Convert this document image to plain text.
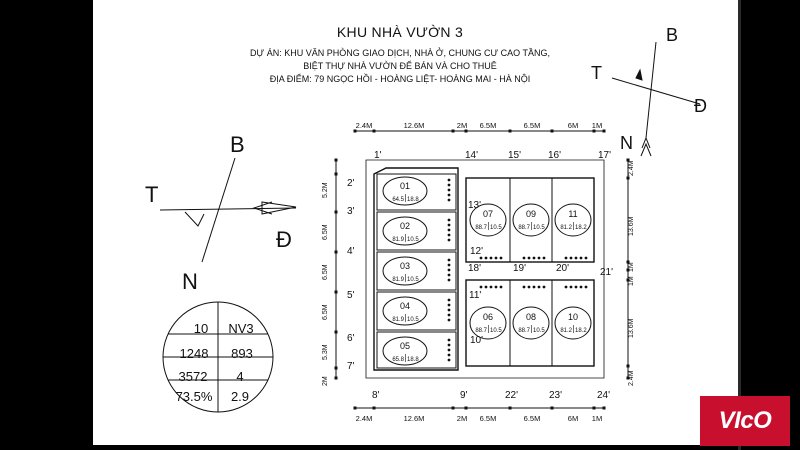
KHU NHÀ VƯỜN 3
DỰ ÁN: KHU VĂN PHÒNG GIAO DỊCH, NHÀ Ở, CHUNG CƯ CAO TẦNG,
BIỆT THỰ NHÀ VƯỜN ĐỂ BÁN VÀ CHO THUÊ
ĐỊA ĐIỂM: 79 NGỌC HỒI - HOÀNG LIỆT- HOÀNG MAI - HÀ NỘI
B
T
Đ
N
B
T
Đ
N
2.4M	12.6M	2M 6.5M	6.5M	6M 1M
2.4M	12.6M	2M 6.5M	6.5M	6M 1M
5.2M
6.5M
6.5M
6.5M
5.3M
2M
2.4M
13.6M
1M
1M
13.6M
2.4M
1'	14'	15'	16'	17'
2'
3'
4'
5'
6'
7'
13'
12'
18'	19'	20'	21'
11'
10'
8'	9'	22'	23'	24'
01
02
03
04
05
07	09	11
06	08	10
64.5
81.9
81.9
81.9
65.8
88.7	88.7	81.2
88.7	88.7	81.2
18.8
10.5
10.5
10.5
18.8
10.5	10.5	18.2
10.5	10.5	18.2
10 NV3
1248 893
3572 4
73.5% 2.9
VIcO
